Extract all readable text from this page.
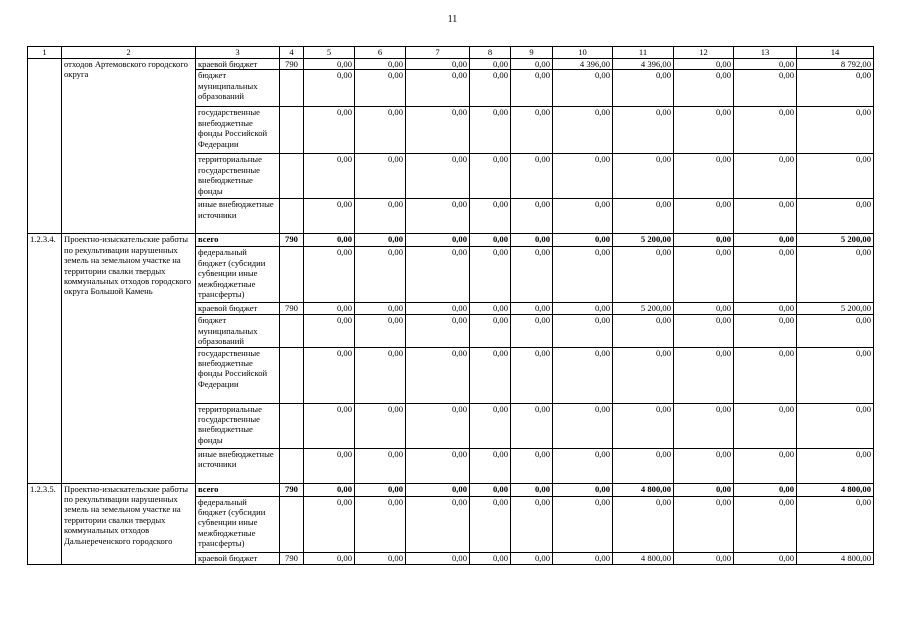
11
1	2	3	4	5	6	7	8	9	10	11	12	13	14
	отходов Артемовского городского округа	краевой бюджет	790	0,00	0,00	0,00	0,00	0,00	4 396,00	4 396,00	0,00	0,00	8 792,00
		бюджет муниципальных образований		0,00	0,00	0,00	0,00	0,00	0,00	0,00	0,00	0,00	0,00
		государственные внебюджетные фонды Российской Федерации		0,00	0,00	0,00	0,00	0,00	0,00	0,00	0,00	0,00	0,00
		территориальные государственные внебюджетные фонды		0,00	0,00	0,00	0,00	0,00	0,00	0,00	0,00	0,00	0,00
		иные внебюджетные источники		0,00	0,00	0,00	0,00	0,00	0,00	0,00	0,00	0,00	0,00
1.2.3.4.	Проектно-изыскательские работы по рекультивации нарушенных земель на земельном участке на территории свалки твердых коммунальных отходов городского округа Большой Камень	всего	790	0,00	0,00	0,00	0,00	0,00	0,00	5 200,00	0,00	0,00	5 200,00
		федеральный бюджет (субсидии субвенции иные межбюджетные трансферты)		0,00	0,00	0,00	0,00	0,00	0,00	0,00	0,00	0,00	0,00
		краевой бюджет	790	0,00	0,00	0,00	0,00	0,00	0,00	5 200,00	0,00	0,00	5 200,00
		бюджет муниципальных образований		0,00	0,00	0,00	0,00	0,00	0,00	0,00	0,00	0,00	0,00
		государственные внебюджетные фонды Российской Федерации		0,00	0,00	0,00	0,00	0,00	0,00	0,00	0,00	0,00	0,00
		территориальные государственные внебюджетные фонды		0,00	0,00	0,00	0,00	0,00	0,00	0,00	0,00	0,00	0,00
		иные внебюджетные источники		0,00	0,00	0,00	0,00	0,00	0,00	0,00	0,00	0,00	0,00
1.2.3.5.	Проектно-изыскательские работы по рекультивации нарушенных земель на земельном участке на территории свалки твердых коммунальных отходов Дальнереченского городского	всего	790	0,00	0,00	0,00	0,00	0,00	0,00	4 800,00	0,00	0,00	4 800,00
		федеральный бюджет (субсидии субвенции иные межбюджетные трансферты)		0,00	0,00	0,00	0,00	0,00	0,00	0,00	0,00	0,00	0,00
		краевой бюджет	790	0,00	0,00	0,00	0,00	0,00	0,00	4 800,00	0,00	0,00	4 800,00
